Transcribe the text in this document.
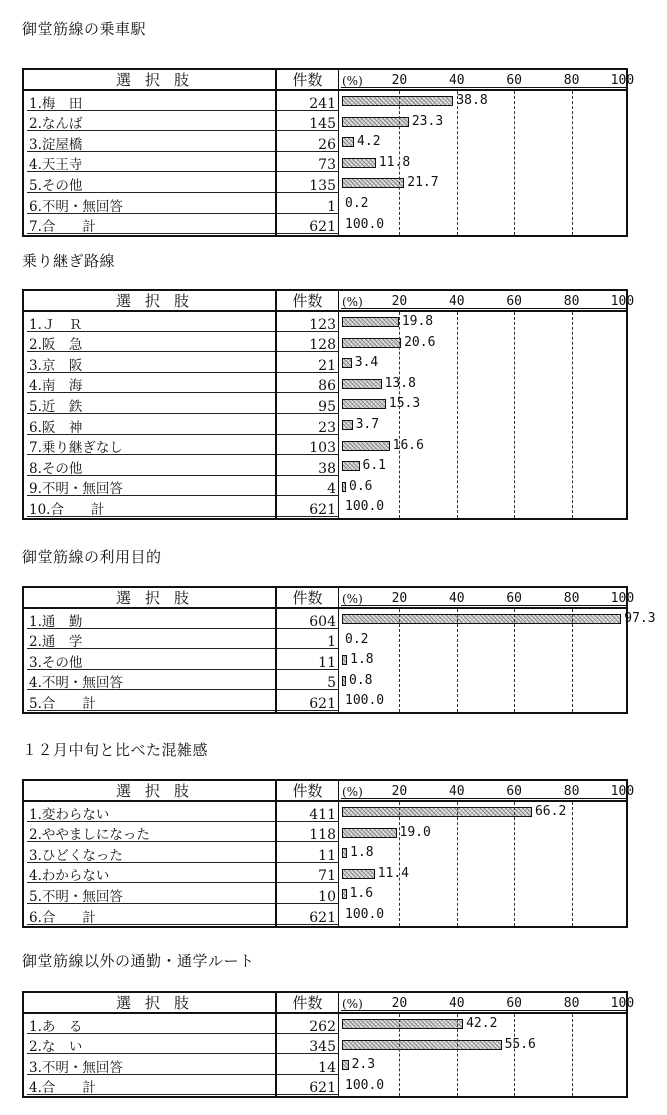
御堂筋線の乗車駅
選択肢	件数	(%) 20	40	60	80 100
1.梅　田	241	38.8
2.なんば	145	23.3
3.淀屋橋	26 4.2
4.天王寺	73	11.8
5.その他	135	21.7
6.不明・無回答	1 0.2
7.合　　計	621 100.0
乗り継ぎ路線
選択肢	件数	(%) 20	40	60	80 100
1.Ｊ　Ｒ	123	19.8
2.阪　急	128	20.6
3.京　阪	21 3.4
4.南　海	86	13.8
5.近　鉄	95	15.3
6.阪　神	23 3.7
7.乗り継ぎなし	103	16.6
8.その他	38 6.1
9.不明・無回答	4 0.6
10.合　　計	621 100.0
御堂筋線の利用目的
選択肢	件数	(%) 20	40	60	80 100
1.通　勤	604	97.3
2.通　学	1 0.2
3.その他	11 1.8
4.不明・無回答	5 0.8
5.合　　計	621 100.0
１２月中旬と比べた混雑感
選択肢	件数	(%) 20	40	60	80 100
1.変わらない	411	66.2
2.ややましになった	118	19.0
3.ひどくなった	11 1.8
4.わからない	71	11.4
5.不明・無回答	10 1.6
6.合　　計	621 100.0
御堂筋線以外の通勤・通学ルート
選択肢	件数	(%) 20	40	60	80 100
1.あ　る	262	42.2
2.な　い	345	55.6
3.不明・無回答	14 2.3
4.合　　計	621 100.0
